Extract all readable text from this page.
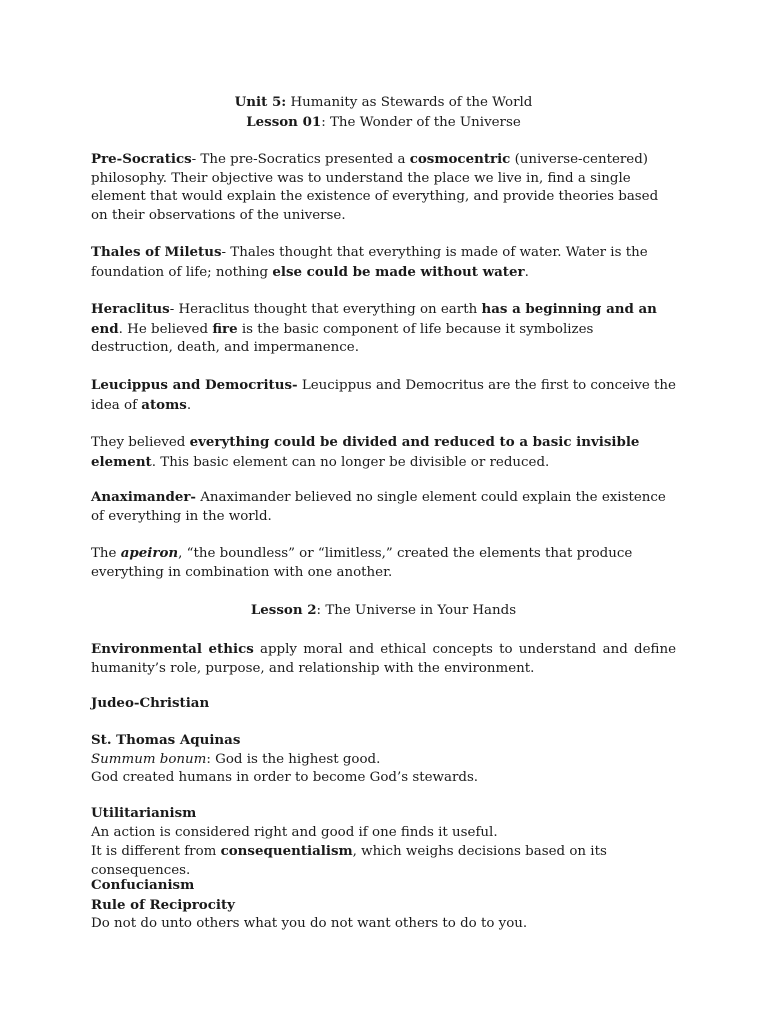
Unit 5: Humanity as Stewards of the World

Lesson 01: The Wonder of the Universe

Pre-Socratics- The pre-Socratics presented a cosmocentric (universe-centered) philosophy. Their objective was to understand the place we live in, find a single element that would explain the existence of everything, and provide theories based on their observations of the universe.

Thales of Miletus- Thales thought that everything is made of water. Water is the foundation of life; nothing else could be made without water.

Heraclitus- Heraclitus thought that everything on earth has a beginning and an end. He believed fire is the basic component of life because it symbolizes destruction, death, and impermanence.

Leucippus and Democritus- Leucippus and Democritus are the first to conceive the idea of atoms.

They believed everything could be divided and reduced to a basic invisible element. This basic element can no longer be divisible or reduced.

Anaximander- Anaximander believed no single element could explain the existence of everything in the world.

The apeiron, “the boundless” or “limitless,” created the elements that produce everything in combination with one another.

Lesson 2: The Universe in Your Hands

Environmental ethics apply moral and ethical concepts to understand and define humanity’s role, purpose, and relationship with the environment.

Judeo-Christian

St. Thomas Aquinas

Summum bonum: God is the highest good.

God created humans in order to become God’s stewards.

Utilitarianism

An action is considered right and good if one finds it useful.

It is different from consequentialism, which weighs decisions based on its consequences.

Confucianism

Rule of Reciprocity

Do not do unto others what you do not want others to do to you.
